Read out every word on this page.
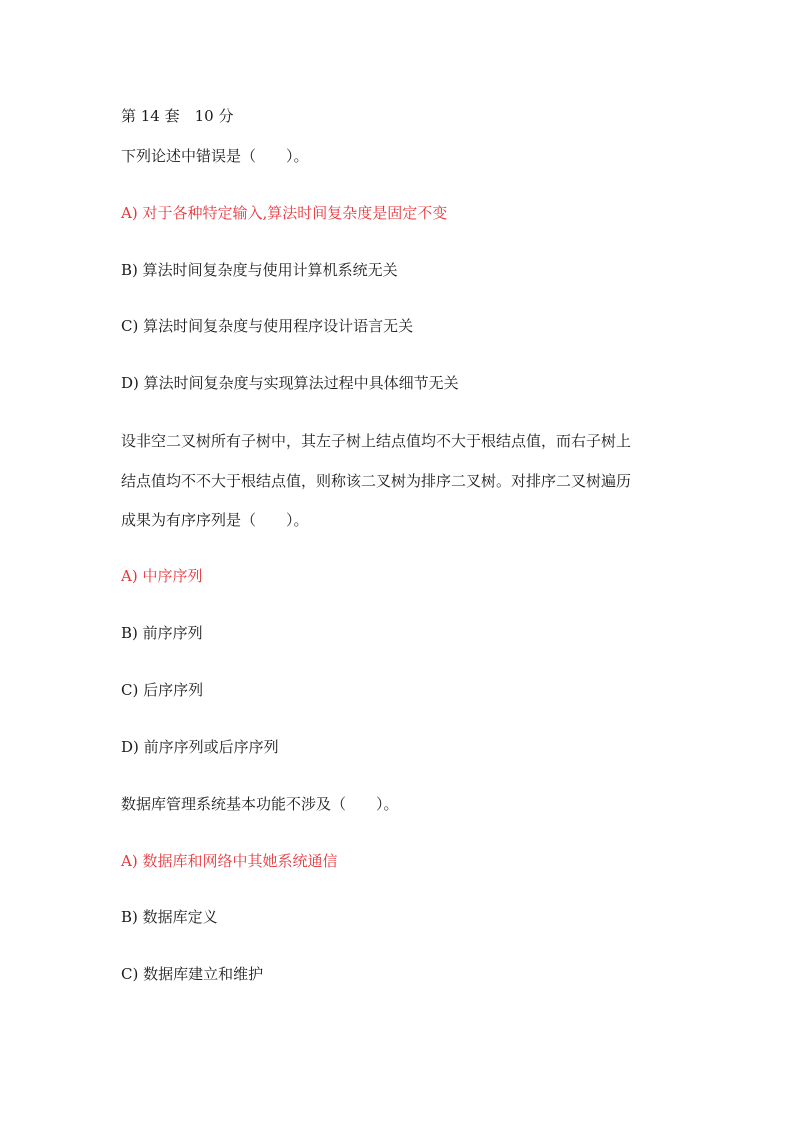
第 14 套　 10 分
下列论述中错误是（　　）。
A) 对于各种特定输入,算法时间复杂度是固定不变
B) 算法时间复杂度与使用计算机系统无关
C) 算法时间复杂度与使用程序设计语言无关
D) 算法时间复杂度与实现算法过程中具体细节无关
设非空二叉树所有子树中，其左子树上结点值均不大于根结点值，而右子树上
结点值均不不大于根结点值，则称该二叉树为排序二叉树。对排序二叉树遍历
成果为有序序列是（　　）。
A) 中序序列
B) 前序序列
C) 后序序列
D) 前序序列或后序序列
数据库管理系统基本功能不涉及（　　）。
A) 数据库和网络中其她系统通信
B) 数据库定义
C) 数据库建立和维护
